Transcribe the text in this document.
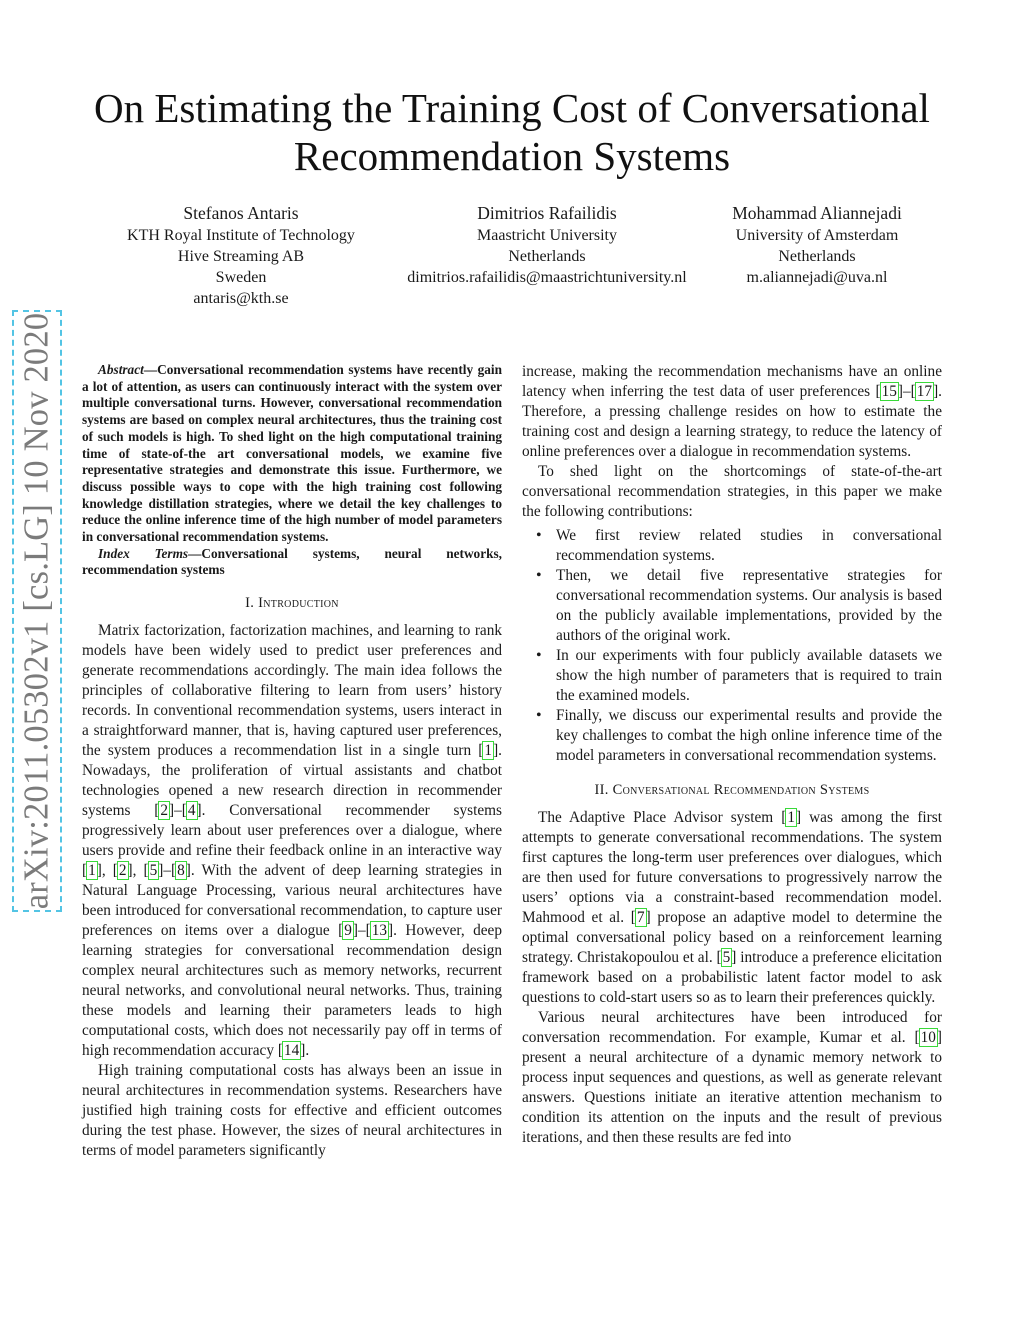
arXiv:2011.05302v1 [cs.LG] 10 Nov 2020
On Estimating the Training Cost of Conversational
Recommendation Systems
Stefanos Antaris
KTH Royal Institute of Technology
Hive Streaming AB
Sweden
antaris@kth.se
Dimitrios Rafailidis
Maastricht University
Netherlands
dimitrios.rafailidis@maastrichtuniversity.nl
Mohammad Aliannejadi
University of Amsterdam
Netherlands
m.aliannejadi@uva.nl

Abstract—Conversational recommendation systems have recently gain a lot of attention, as users can continuously interact with the system over multiple conversational turns. However, conversational recommendation systems are based on complex neural architectures, thus the training cost of such models is high. To shed light on the high computational training time of state-of-the art conversational models, we examine five representative strategies and demonstrate this issue. Furthermore, we discuss possible ways to cope with the high training cost following knowledge distillation strategies, where we detail the key challenges to reduce the online inference time of the high number of model parameters in conversational recommendation systems.

Index Terms—Conversational systems, neural networks, recommendation systems

I. Introduction

Matrix factorization, factorization machines, and learning to rank models have been widely used to predict user preferences and generate recommendations accordingly. The main idea follows the principles of collaborative filtering to learn from users’ history records. In conventional recommendation systems, users interact in a straightforward manner, that is, having captured user preferences, the system produces a recommendation list in a single turn [1]. Nowadays, the proliferation of virtual assistants and chatbot technologies opened a new research direction in recommender systems [2]–[4]. Conversational recommender systems progressively learn about user preferences over a dialogue, where users provide and refine their feedback online in an interactive way [1], [2], [5]–[8]. With the advent of deep learning strategies in Natural Language Processing, various neural architectures have been introduced for conversational recommendation, to capture user preferences on items over a dialogue [9]–[13]. However, deep learning strategies for conversational recommendation design complex neural architectures such as memory networks, recurrent neural networks, and convolutional neural networks. Thus, training these models and learning their parameters leads to high computational costs, which does not necessarily pay off in terms of high recommendation accuracy [14].

High training computational costs has always been an issue in neural architectures in recommendation systems. Researchers have justified high training costs for effective and efficient outcomes during the test phase. However, the sizes of neural architectures in terms of model parameters significantly

increase, making the recommendation mechanisms have an online latency when inferring the test data of user preferences [15]–[17]. Therefore, a pressing challenge resides on how to estimate the training cost and design a learning strategy, to reduce the latency of online preferences over a dialogue in recommendation systems.

To shed light on the shortcomings of state-of-the-art conversational recommendation strategies, in this paper we make the following contributions:

• We first review related studies in conversational recommendation systems.
• Then, we detail five representative strategies for conversational recommendation systems. Our analysis is based on the publicly available implementations, provided by the authors of the original work.
• In our experiments with four publicly available datasets we show the high number of parameters that is required to train the examined models.
• Finally, we discuss our experimental results and provide the key challenges to combat the high online inference time of the model parameters in conversational recommendation systems.
II. Conversational Recommendation Systems

The Adaptive Place Advisor system [1] was among the first attempts to generate conversational recommendations. The system first captures the long-term user preferences over dialogues, which are then used for future conversations to progressively narrow the users’ options via a constraint-based recommendation model. Mahmood et al. [7] propose an adaptive model to determine the optimal conversational policy based on a reinforcement learning strategy. Christakopoulou et al. [5] introduce a preference elicitation framework based on a probabilistic latent factor model to ask questions to cold-start users so as to learn their preferences quickly.

Various neural architectures have been introduced for conversation recommendation. For example, Kumar et al. [10] present a neural architecture of a dynamic memory network to process input sequences and questions, as well as generate relevant answers. Questions initiate an iterative attention mechanism to condition its attention on the inputs and the result of previous iterations, and then these results are fed into
